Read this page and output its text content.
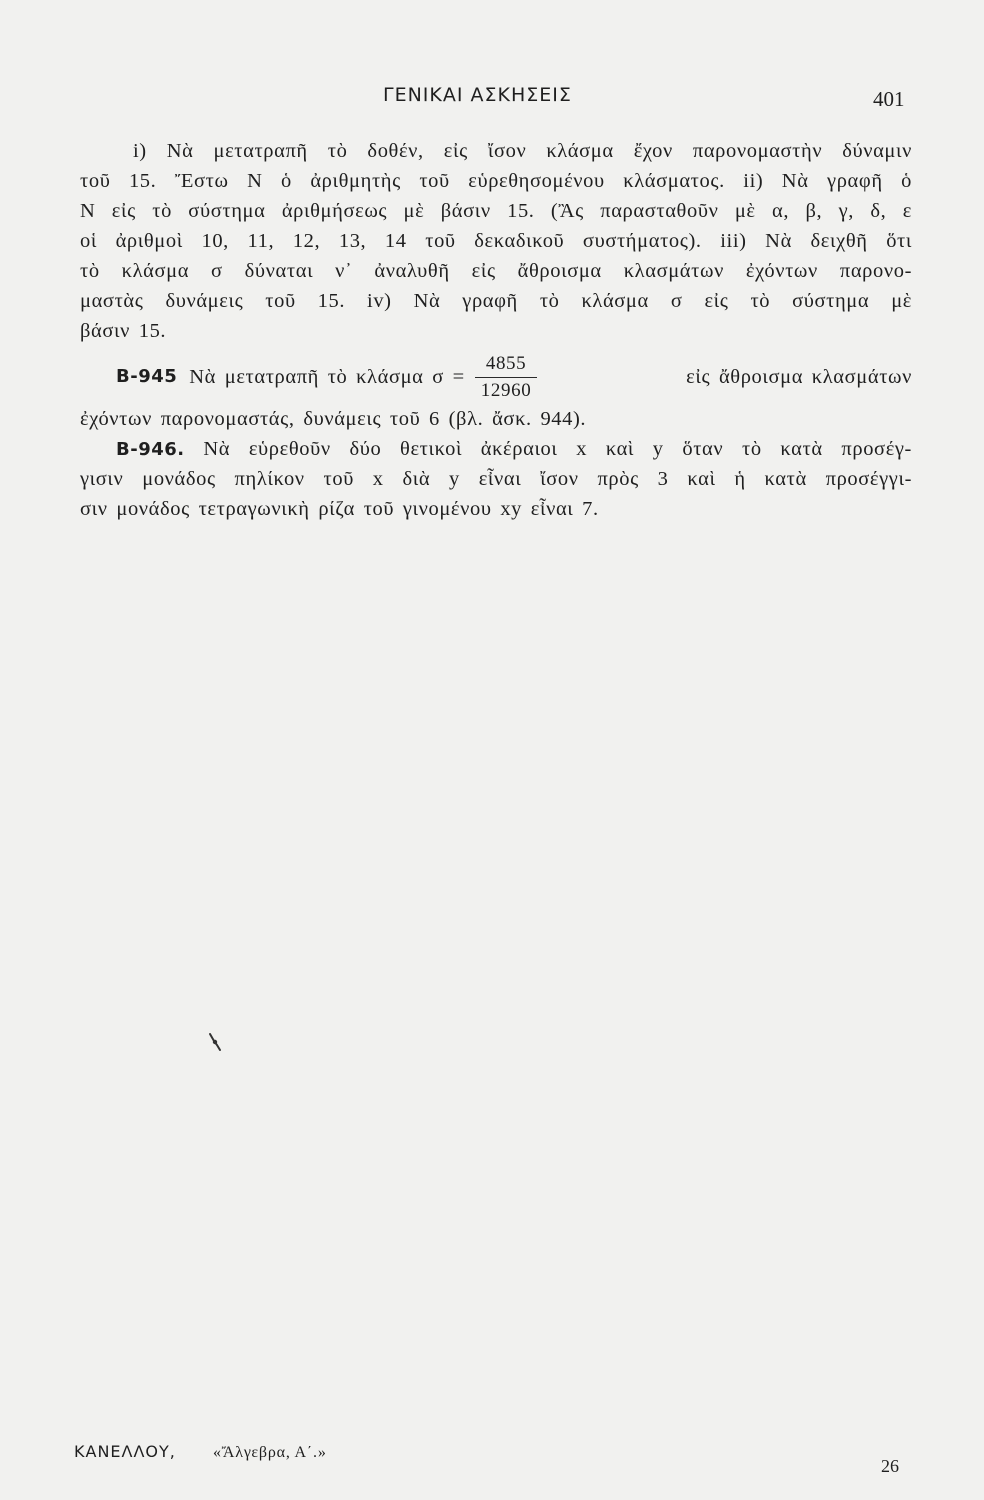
ΓΕΝΙΚΑΙ ΑΣΚΗΣΕΙΣ	401
i) Νὰ μετατραπῆ τὸ δοθέν, εἰς ἴσον κλάσμα ἔχον παρονομαστὴν δύναμιν
τοῦ 15. Ἔστω Ν ὁ ἀριθμητὴς τοῦ εὑρεθησομένου κλάσματος. ii) Νὰ γραφῆ ὁ
Ν εἰς τὸ σύστημα ἀριθμήσεως μὲ βάσιν 15. (Ἂς παρασταθοῦν μὲ α, β, γ, δ, ε
οἱ ἀριθμοὶ 10, 11, 12, 13, 14 τοῦ δεκαδικοῦ συστήματος). iii) Νὰ δειχθῆ ὅτι
τὸ κλάσμα σ δύναται ν᾿ ἀναλυθῆ εἰς ἄθροισμα κλασμάτων ἐχόντων παρονο-
μαστὰς δυνάμεις τοῦ 15. iv) Νὰ γραφῆ τὸ κλάσμα σ εἰς τὸ σύστημα μὲ
βάσιν 15.
Β-945 Νὰ μετατραπῆ τὸ κλάσμα $\sigma = \frac{4855}{12960}$	εἰς ἄθροισμα κλασμάτων
ἐχόντων παρονομαστάς, δυνάμεις τοῦ 6 (βλ. ἄσκ. 944).
Β-946. Νὰ εὑρεθοῦν δύο θετικοὶ ἀκέραιοι x καὶ y ὅταν τὸ κατὰ προσέγ-
γισιν μονάδος πηλίκον τοῦ x διὰ y εἶναι ἴσον πρὸς 3 καὶ ἡ κατὰ προσέγγι-
σιν μονάδος τετραγωνικὴ ρίζα τοῦ γινομένου xy εἶναι 7.
ΚΑΝΕΛΛΟΥ, «Ἄλγεβρα, Α΄.»
26
